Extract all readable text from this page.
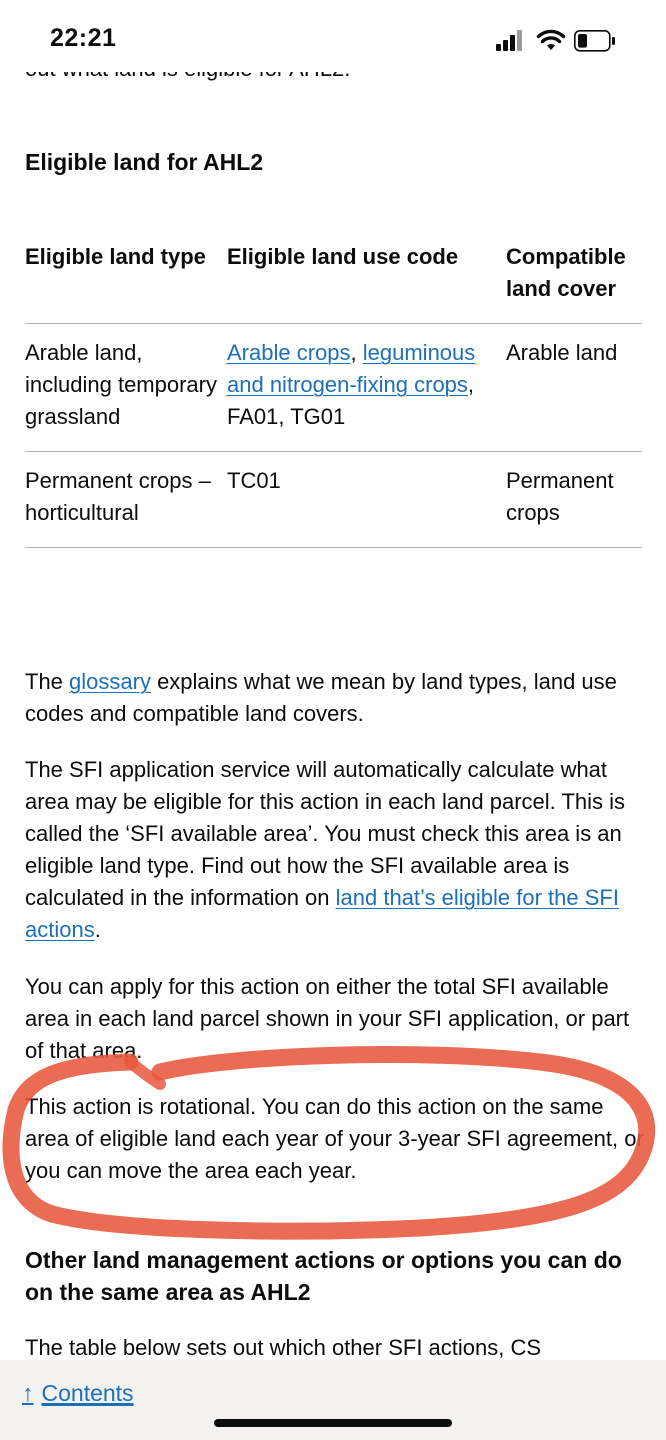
22:21
Eligible land for AHL2
Eligible land type	Eligible land use code	Compatible land cover
Arable land, including temporary grassland	Arable crops, leguminous and nitrogen-fixing crops, FA01, TG01	Arable land
Permanent crops – horticultural	TC01	Permanent crops

The glossary explains what we mean by land types, land use codes and compatible land covers.

The SFI application service will automatically calculate what area may be eligible for this action in each land parcel. This is called the ‘SFI available area’. You must check this area is an eligible land type. Find out how the SFI available area is calculated in the information on land that’s eligible for the SFI actions.

You can apply for this action on either the total SFI available area in each land parcel shown in your SFI application, or part of that area.

This action is rotational. You can do this action on the same area of eligible land each year of your 3-year SFI agreement, or you can move the area each year.

Other land management actions or options you can do on the same area as AHL2

The table below sets out which other SFI actions, CS

↑ Contents
